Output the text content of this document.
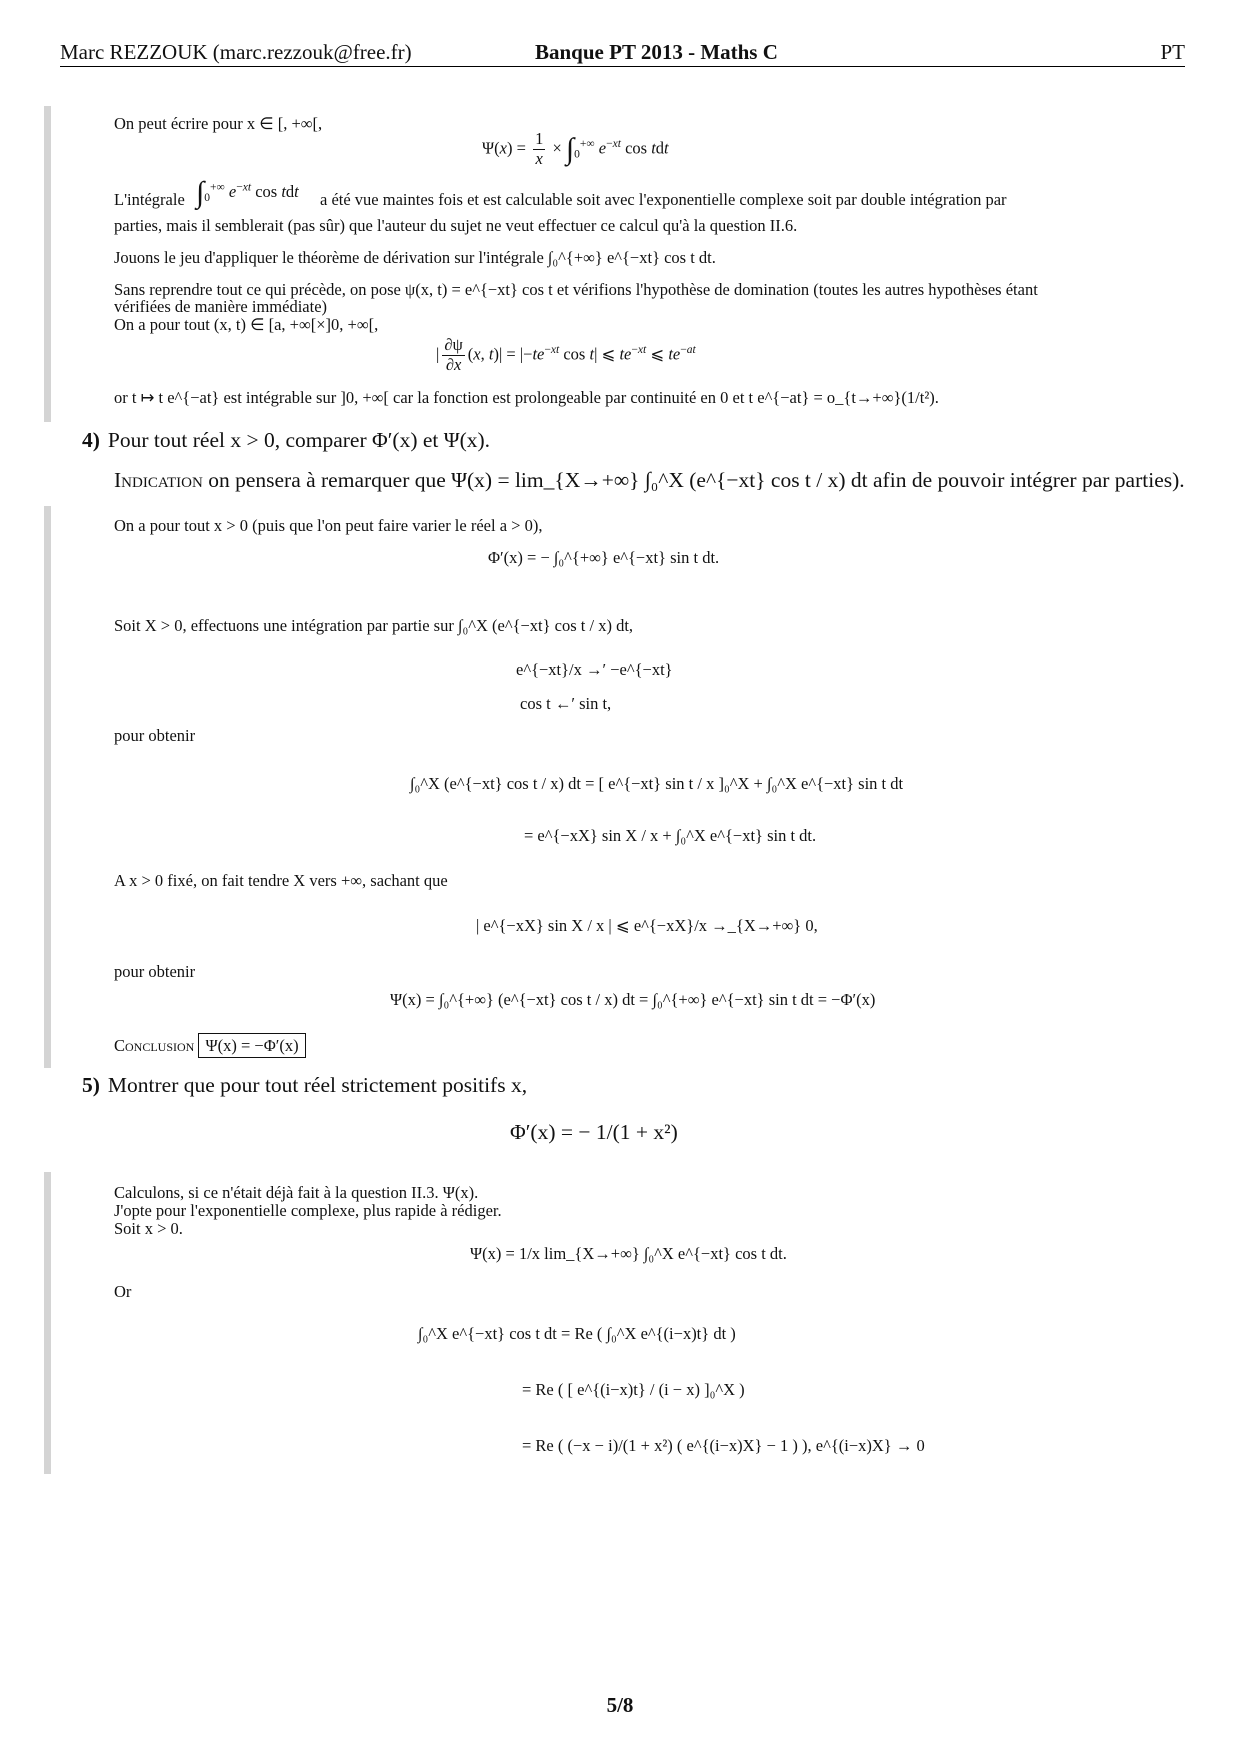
Marc REZZOUK (marc.rezzouk@free.fr)	Banque PT 2013 - Maths C	PT
On peut écrire pour x ∈ [, +∞[,
$\Psi(x) = \frac{1}{x} \times \int_0^{+\infty}$ $e^{-xt}$ cos tdt
L'intégrale $\int_0^{+\infty}$ $e^{-xt}$ cos tdt a été vue maintes fois et est calculable soit avec l'exponentielle complexe soit par double intégration par
parties, mais il semblerait (pas sûr) que l'auteur du sujet ne veut effectuer ce calcul qu'à la question II.6.
Jouons le jeu d'appliquer le théorème de dérivation sur l'intégrale ∫₀^{+∞} e^{−xt} cos t dt.
Sans reprendre tout ce qui précède, on pose ψ(x, t) = e^{−xt} cos t et vérifions l'hypothèse de domination (toutes les autres hypothèses étant
vérifiées de manière immédiate)
On a pour tout (x, t) ∈ [a, +∞[×]0, +∞[,
| $\frac{\partial\psi}{\partial x} (x$, $t)| = |-te^{-xt}$ cos t| ⩽ $te^{-xt}$ ⩽ $te^{-at}$
or t ↦ t e^{−at} est intégrable sur ]0, +∞[ car la fonction est prolongeable par continuité en 0 et t e^{−at} = o_{t→+∞}(1/t²).
4) Pour tout réel x > 0, comparer Φ′(x) et Ψ(x).
Indication on pensera à remarquer que Ψ(x) = lim_{X→+∞} ∫₀^X (e^{−xt} cos t / x) dt afin de pouvoir intégrer par parties).
On a pour tout x > 0 (puis que l'on peut faire varier le réel a > 0),
Φ′(x) = − ∫₀^{+∞} e^{−xt} sin t dt.
Soit X > 0, effectuons une intégration par partie sur ∫₀^X (e^{−xt} cos t / x) dt,
e^{−xt}/x →′ −e^{−xt}
cos t ←′ sin t,
pour obtenir
∫₀^X (e^{−xt} cos t / x) dt = [ e^{−xt} sin t / x ]₀^X + ∫₀^X e^{−xt} sin t dt
= e^{−xX} sin X / x + ∫₀^X e^{−xt} sin t dt.
A x > 0 fixé, on fait tendre X vers +∞, sachant que
| e^{−xX} sin X / x | ⩽ e^{−xX}/x →_{X→+∞} 0,
pour obtenir
Ψ(x) = ∫₀^{+∞} (e^{−xt} cos t / x) dt = ∫₀^{+∞} e^{−xt} sin t dt = −Φ′(x)
Conclusion Ψ(x) = −Φ′(x)
5) Montrer que pour tout réel strictement positifs x,
Φ′(x) = − 1/(1 + x²)
Calculons, si ce n'était déjà fait à la question II.3. Ψ(x).
J'opte pour l'exponentielle complexe, plus rapide à rédiger.
Soit x > 0.
Ψ(x) = 1/x lim_{X→+∞} ∫₀^X e^{−xt} cos t dt.
Or
∫₀^X e^{−xt} cos t dt = Re ( ∫₀^X e^{(i−x)t} dt )
= Re ( [ e^{(i−x)t} / (i − x) ]₀^X )
= Re ( (−x − i)/(1 + x²) ( e^{(i−x)X} − 1 ) ), e^{(i−x)X} → 0
5/8
